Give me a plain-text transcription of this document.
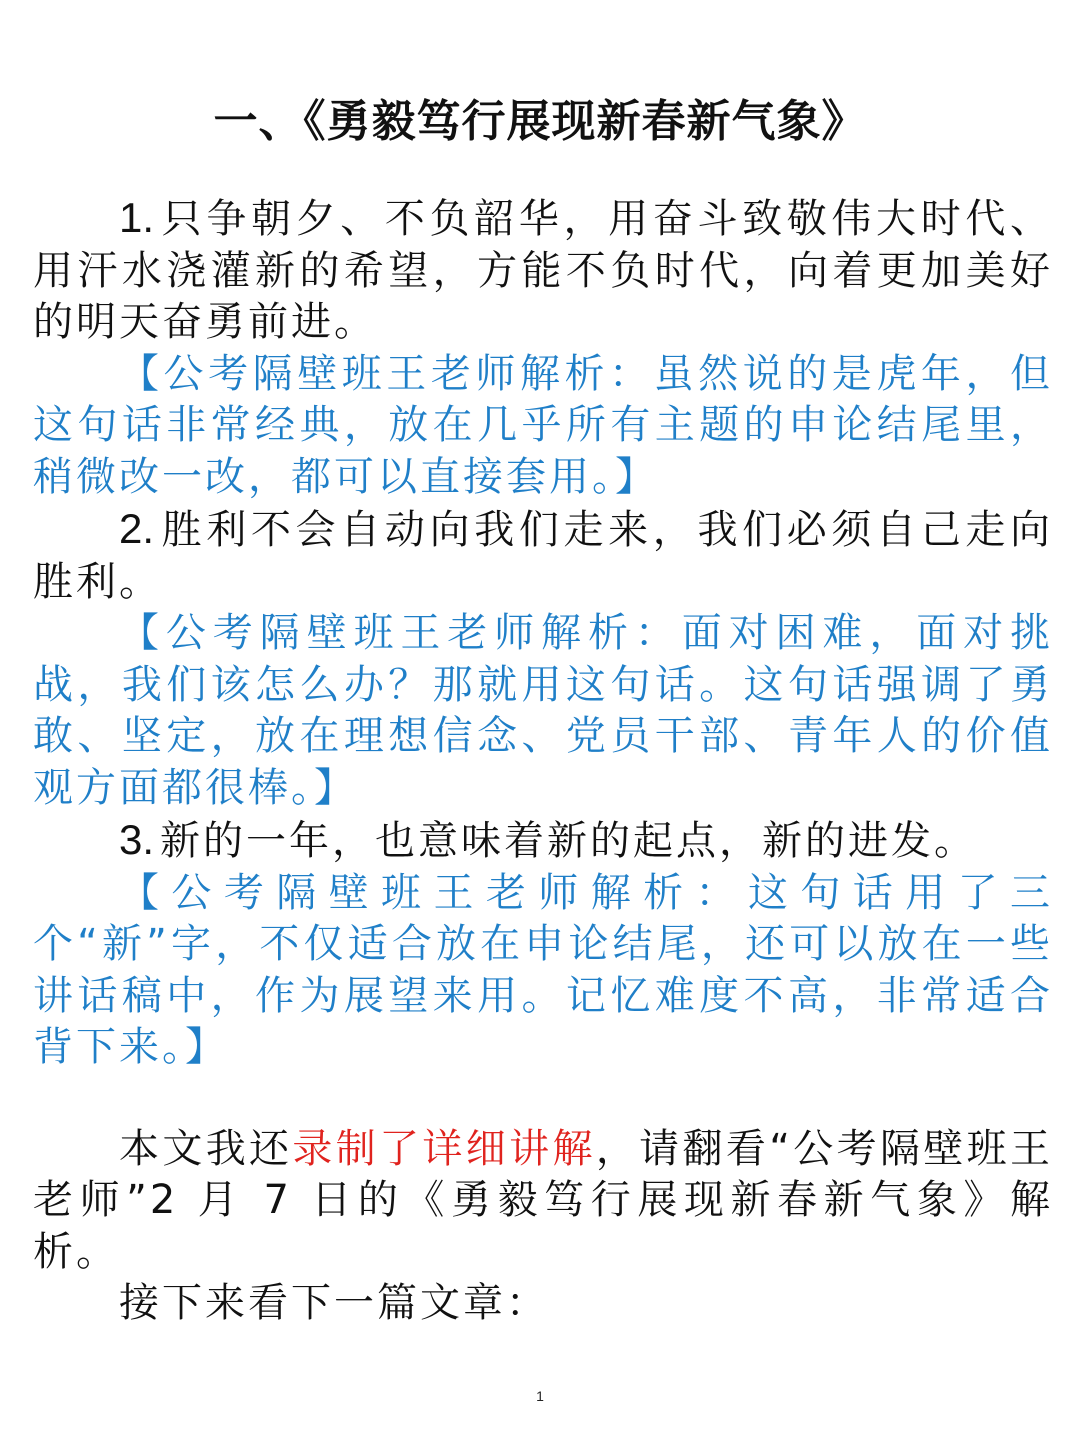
一、《勇毅笃行展现新春新气象》

1. 只争朝夕、不负韶华，用奋斗致敬伟大时代、用汗水浇灌新的希望，方能不负时代，向着更加美好的明天奋勇前进。

【公考隔壁班王老师解析：虽然说的是虎年，但这句话非常经典，放在几乎所有主题的申论结尾里，稍微改一改，都可以直接套用。】

2. 胜利不会自动向我们走来，我们必须自己走向胜利。

【公考隔壁班王老师解析：面对困难，面对挑战，我们该怎么办？那就用这句话。这句话强调了勇敢、坚定，放在理想信念、党员干部、青年人的价值观方面都很棒。】

3. 新的一年，也意味着新的起点，新的进发。

【公考隔壁班王老师解析：这句话用了三个“新”字，不仅适合放在申论结尾，还可以放在一些讲话稿中，作为展望来用。记忆难度不高，非常适合背下来。】

本文我还录制了详细讲解，请翻看“公考隔壁班王老师”2 月 7 日的《勇毅笃行展现新春新气象》解析。

接下来看下一篇文章：

1
